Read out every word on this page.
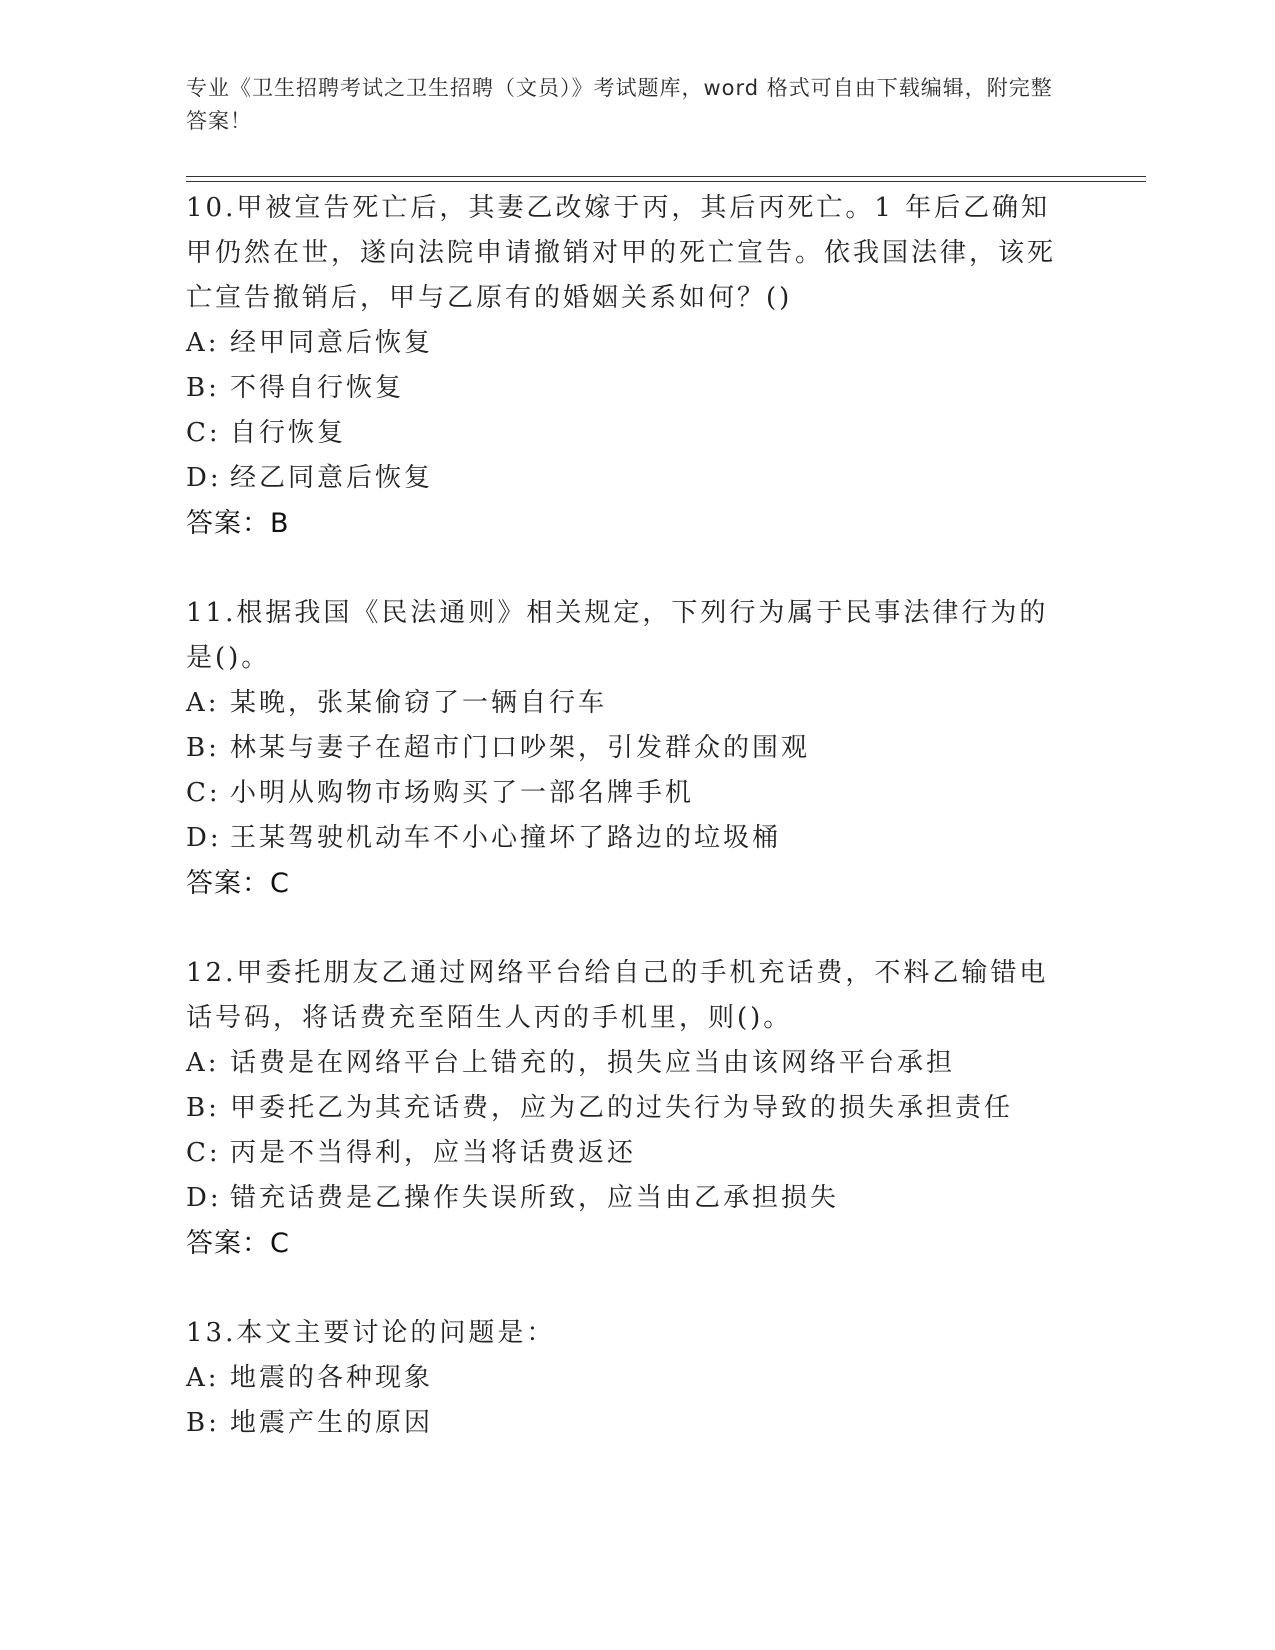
专业《卫生招聘考试之卫生招聘（文员）》考试题库，word 格式可自由下载编辑，附完整答案！
10.甲被宣告死亡后，其妻乙改嫁于丙，其后丙死亡。1 年后乙确知甲仍然在世，遂向法院申请撤销对甲的死亡宣告。依我国法律，该死亡宣告撤销后，甲与乙原有的婚姻关系如何？()
A: 经甲同意后恢复
B: 不得自行恢复
C: 自行恢复
D: 经乙同意后恢复
答案：B
11.根据我国《民法通则》相关规定，下列行为属于民事法律行为的是()。
A: 某晚，张某偷窃了一辆自行车
B: 林某与妻子在超市门口吵架，引发群众的围观
C: 小明从购物市场购买了一部名牌手机
D: 王某驾驶机动车不小心撞坏了路边的垃圾桶
答案：C
12.甲委托朋友乙通过网络平台给自己的手机充话费，不料乙输错电话号码，将话费充至陌生人丙的手机里，则()。
A: 话费是在网络平台上错充的，损失应当由该网络平台承担
B: 甲委托乙为其充话费，应为乙的过失行为导致的损失承担责任
C: 丙是不当得利，应当将话费返还
D: 错充话费是乙操作失误所致，应当由乙承担损失
答案：C
13.本文主要讨论的问题是：
A: 地震的各种现象
B: 地震产生的原因
